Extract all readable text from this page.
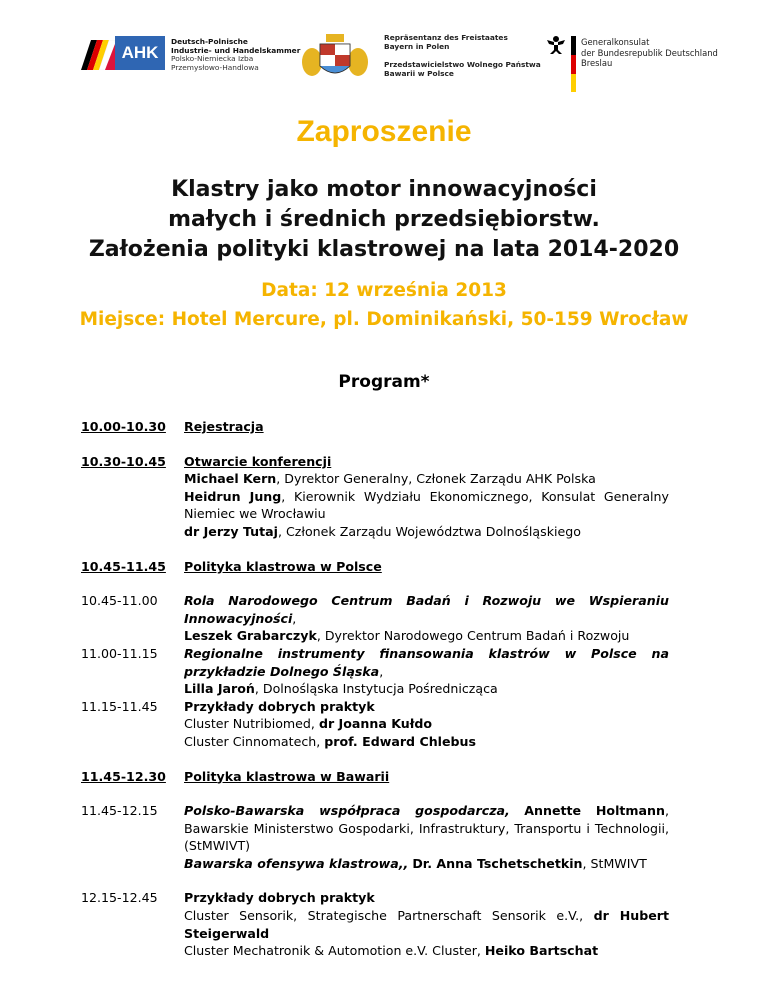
AHK
Deutsch-Polnische
Industrie- und Handelskammer
Polsko-Niemiecka Izba
Przemysłowo-Handlowa
Repräsentanz des Freistaates
Bayern in Polen
Przedstawicielstwo Wolnego Państwa
Bawarii w Polsce
Generalkonsulat
der Bundesrepublik Deutschland
Breslau
Zaproszenie
Klastry jako motor innowacyjności
małych i średnich przedsiębiorstw.
Założenia polityki klastrowej na lata 2014-2020
Data: 12 września 2013
Miejsce: Hotel Mercure, pl. Dominikański, 50-159 Wrocław
Program*
10.00-10.30	Rejestracja
10.30-10.45	Otwarcie konferencji
Michael Kern, Dyrektor Generalny, Członek Zarządu AHK Polska
Heidrun Jung, Kierownik Wydziału Ekonomicznego, Konsulat Generalny Niemiec we Wrocławiu
dr Jerzy Tutaj, Członek Zarządu Województwa Dolnośląskiego
10.45-11.45	Polityka klastrowa w Polsce
10.45-11.00	Rola Narodowego Centrum Badań i Rozwoju we Wspieraniu Innowacyjności,
Leszek Grabarczyk, Dyrektor Narodowego Centrum Badań i Rozwoju
11.00-11.15	Regionalne instrumenty finansowania klastrów w Polsce na przykładzie Dolnego Śląska,
Lilla Jaroń, Dolnośląska Instytucja Pośrednicząca
11.15-11.45	Przykłady dobrych praktyk
Cluster Nutribiomed, dr Joanna Kułdo
Cluster Cinnomatech, prof. Edward Chlebus
11.45-12.30	Polityka klastrowa w Bawarii
11.45-12.15	Polsko-Bawarska współpraca gospodarcza, Annette Holtmann, Bawarskie Ministerstwo Gospodarki, Infrastruktury, Transportu i Technologii, (StMWIVT)
Bawarska ofensywa klastrowa,, Dr. Anna Tschetschetkin, StMWIVT
12.15-12.45	Przykłady dobrych praktyk
Cluster Sensorik, Strategische Partnerschaft Sensorik e.V., dr Hubert Steigerwald
Cluster Mechatronik & Automotion e.V. Cluster, Heiko Bartschat
